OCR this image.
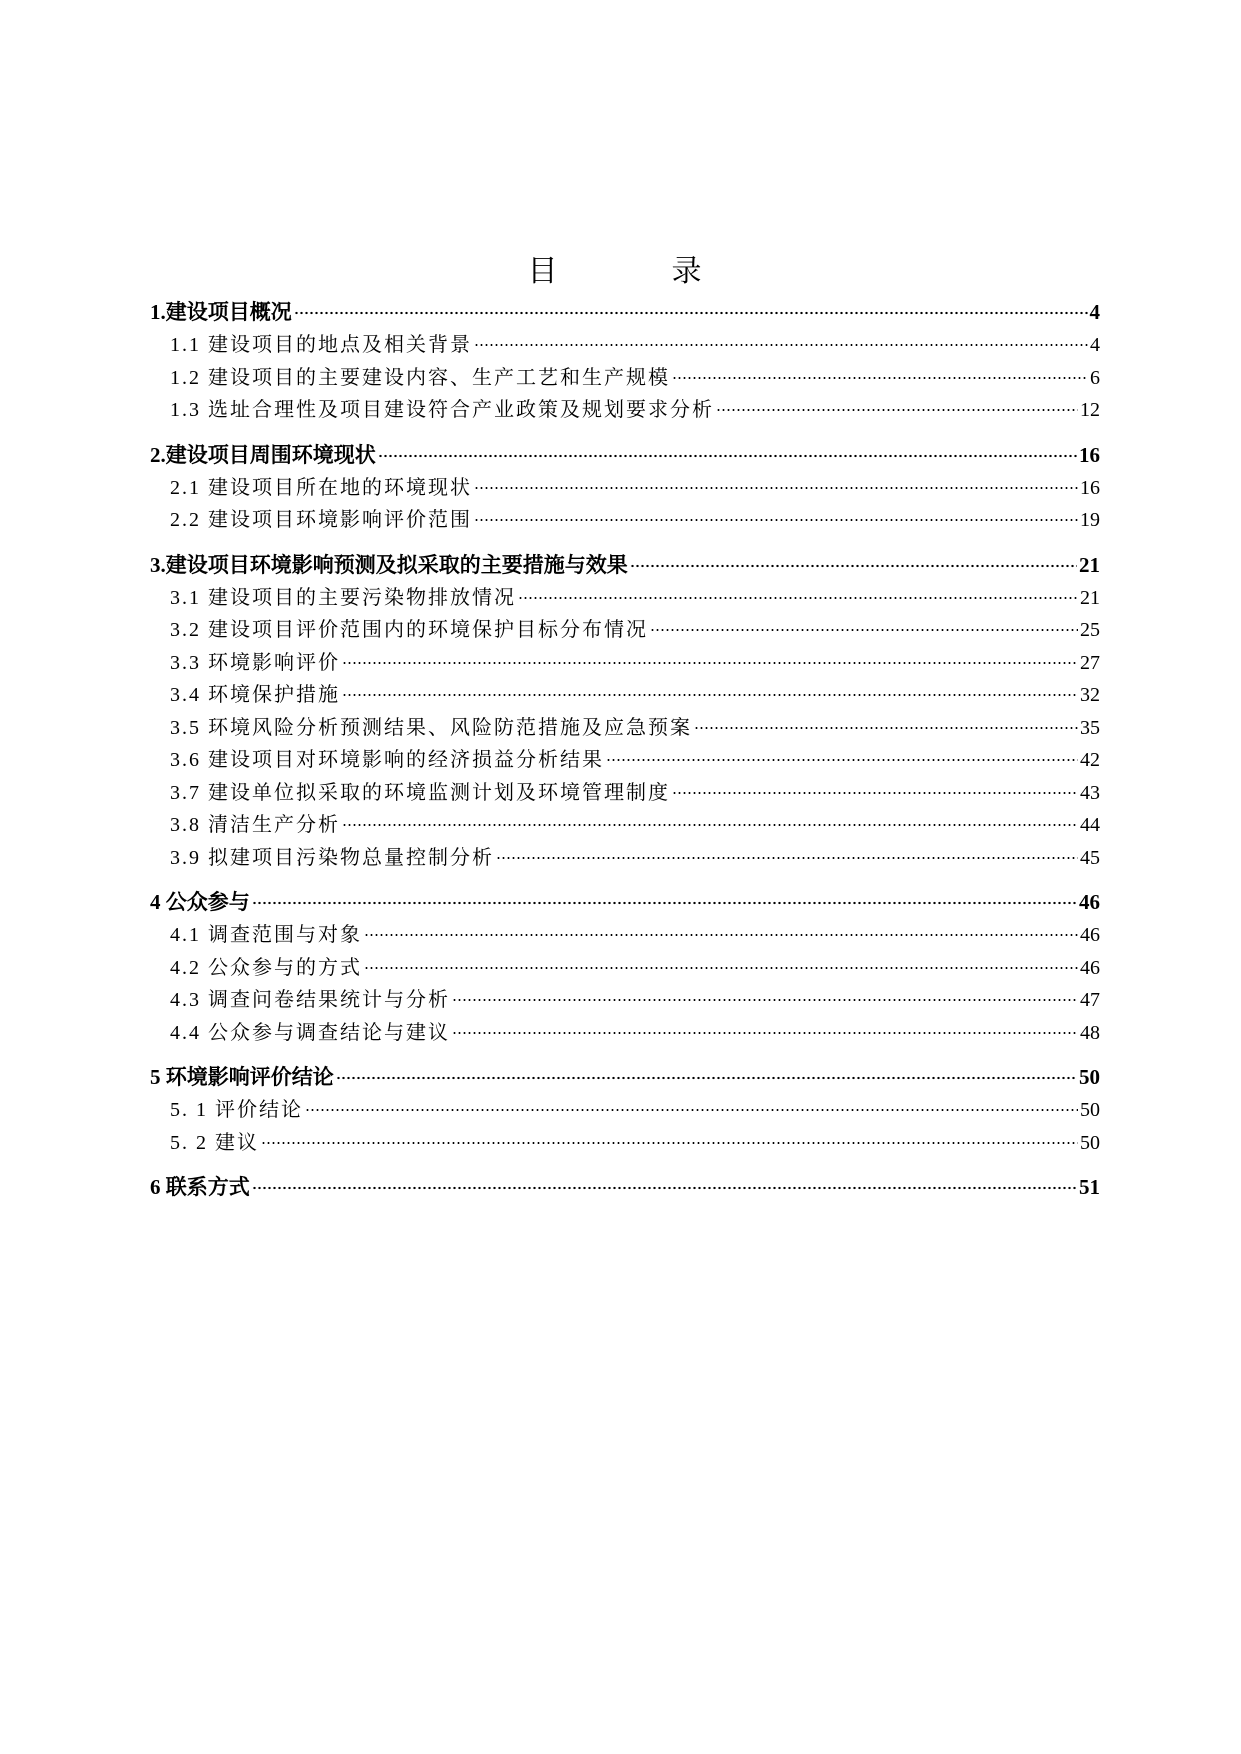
目　录
1.建设项目概况	4
1.1 建设项目的地点及相关背景	4
1.2 建设项目的主要建设内容、生产工艺和生产规模	6
1.3 选址合理性及项目建设符合产业政策及规划要求分析	12
2.建设项目周围环境现状	16
2.1 建设项目所在地的环境现状	16
2.2 建设项目环境影响评价范围	19
3.建设项目环境影响预测及拟采取的主要措施与效果	21
3.1 建设项目的主要污染物排放情况	21
3.2 建设项目评价范围内的环境保护目标分布情况	25
3.3 环境影响评价	27
3.4 环境保护措施	32
3.5 环境风险分析预测结果、风险防范措施及应急预案	35
3.6 建设项目对环境影响的经济损益分析结果	42
3.7 建设单位拟采取的环境监测计划及环境管理制度	43
3.8 清洁生产分析	44
3.9 拟建项目污染物总量控制分析	45
4 公众参与	46
4.1 调查范围与对象	46
4.2 公众参与的方式	46
4.3 调查问卷结果统计与分析	47
4.4 公众参与调查结论与建议	48
5 环境影响评价结论	50
5. 1 评价结论	50
5. 2 建议	50
6 联系方式	51
